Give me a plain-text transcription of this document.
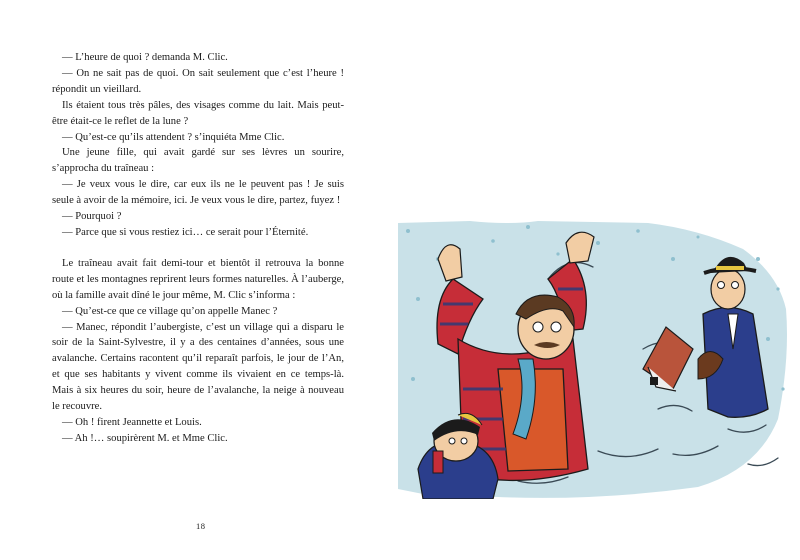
— L’heure de quoi ? demanda M. Clic.

— On ne sait pas de quoi. On sait seulement que c’est l’heure ! répondit un vieillard.

Ils étaient tous très pâles, des visages comme du lait. Mais peut-être était-ce le reflet de la lune ?

— Qu’est-ce qu’ils attendent ? s’inquiéta Mme Clic.

Une jeune fille, qui avait gardé sur ses lèvres un sourire, s’approcha du traîneau :

— Je veux vous le dire, car eux ils ne le peuvent pas ! Je suis seule à avoir de la mémoire, ici. Je veux vous le dire, partez, fuyez !

— Pourquoi ?

— Parce que si vous restiez ici… ce serait pour l’Éternité.

Le traîneau avait fait demi-tour et bientôt il retrouva la bonne route et les montagnes reprirent leurs formes naturelles. À l’auberge, où la famille avait dîné le jour même, M. Clic s’informa :

— Qu’est-ce que ce village qu’on appelle Manec ?

— Manec, répondit l’aubergiste, c’est un village qui a disparu le soir de la Saint-Sylvestre, il y a des centaines d’années, sous une avalanche. Certains racontent qu’il reparaît parfois, le jour de l’An, et que ses habitants y vivent comme ils vivaient en ce temps-là. Mais à six heures du soir, heure de l’avalanche, la neige à nouveau le recouvre.

— Oh ! firent Jeannette et Louis.

— Ah !… soupirèrent M. et Mme Clic.

18
